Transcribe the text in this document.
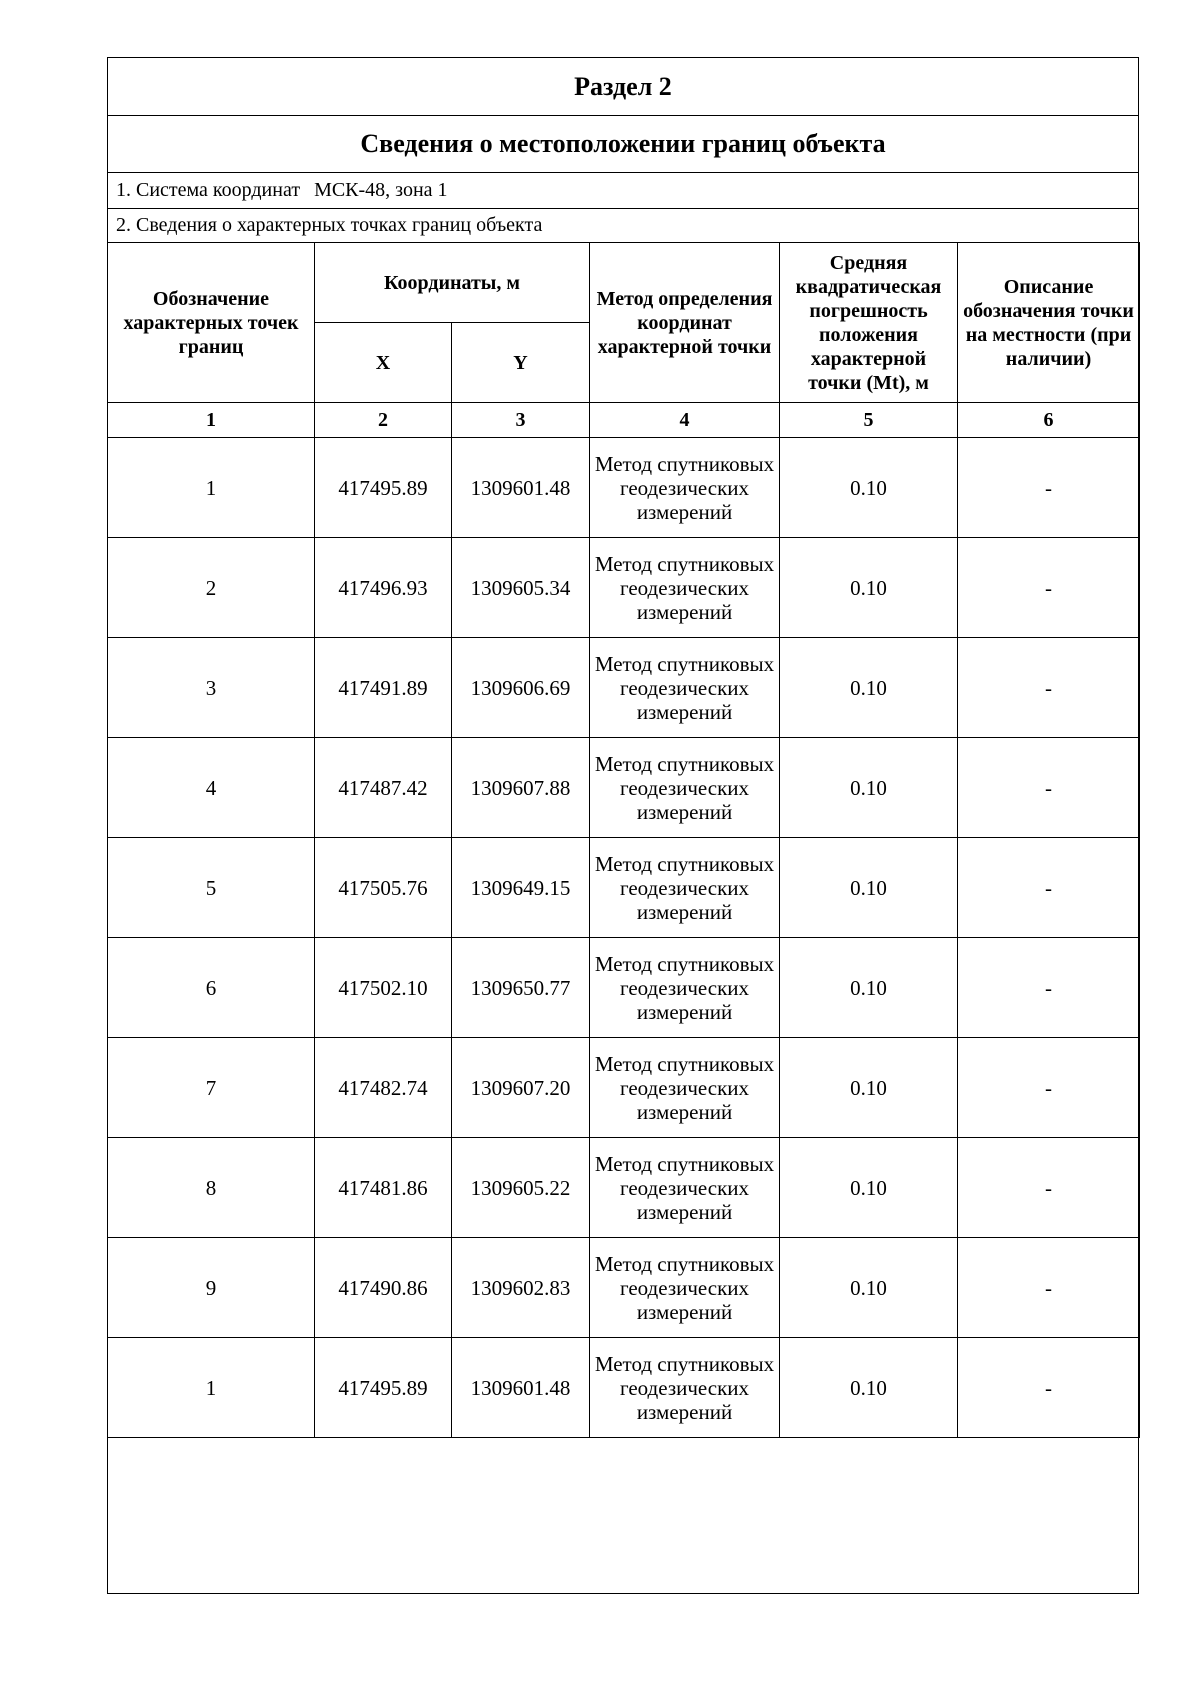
Раздел 2
Сведения о местоположении границ объекта
1. Система координат МСК-48, зона 1
2. Сведения о характерных точках границ объекта
Обозначение характерных точек границ	Координаты, м		Метод определения координат характерной точки	Средняя квадратическая погрешность положения характерной точки (Mt), м	Описание обозначения точки на местности (при наличии)
	X	Y			
1	2	3	4	5	6
1	417495.89	1309601.48	Метод спутниковых геодезических измерений	0.10	-
2	417496.93	1309605.34	Метод спутниковых геодезических измерений	0.10	-
3	417491.89	1309606.69	Метод спутниковых геодезических измерений	0.10	-
4	417487.42	1309607.88	Метод спутниковых геодезических измерений	0.10	-
5	417505.76	1309649.15	Метод спутниковых геодезических измерений	0.10	-
6	417502.10	1309650.77	Метод спутниковых геодезических измерений	0.10	-
7	417482.74	1309607.20	Метод спутниковых геодезических измерений	0.10	-
8	417481.86	1309605.22	Метод спутниковых геодезических измерений	0.10	-
9	417490.86	1309602.83	Метод спутниковых геодезических измерений	0.10	-
1	417495.89	1309601.48	Метод спутниковых геодезических измерений	0.10	-
